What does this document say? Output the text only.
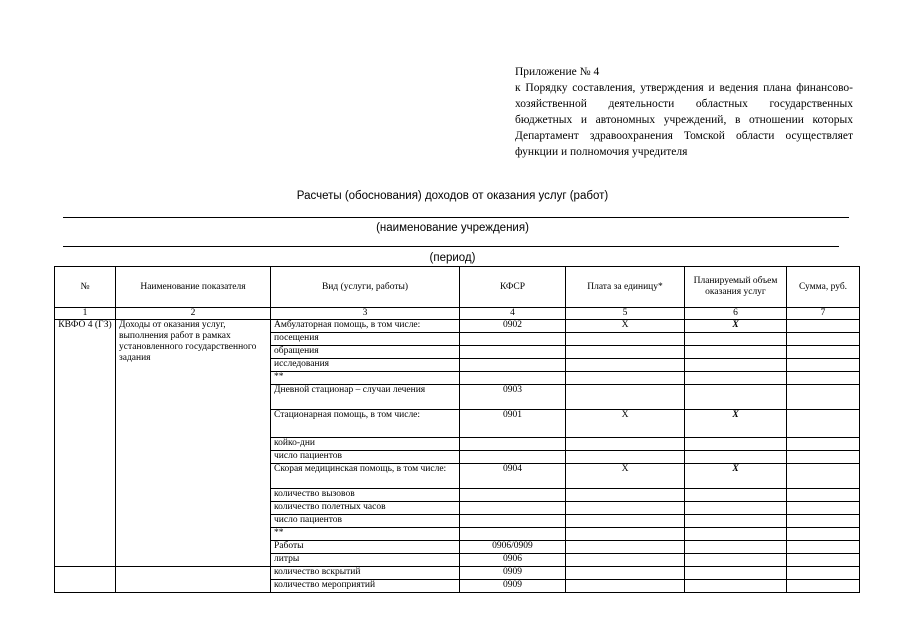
Приложение № 4

к Порядку составления, утверждения и ведения плана финансово-хозяйственной деятельности областных государственных бюджетных и автономных учреждений, в отношении которых Департамент здравоохранения Томской области осуществляет функции и полномочия учредителя

Расчеты (обоснования) доходов от оказания услуг (работ)
(наименование учреждения)
(период)
№	Наименование показателя	Вид (услуги, работы)	КФСР	Плата за единицу*	Планируемый объем оказания услуг	Сумма, руб.
1	2	3	4	5	6	7
КВФО 4 (ГЗ)	Доходы от оказания услуг, выполнения работ в рамках установленного государственного задания	Амбулаторная помощь, в том числе:	0902	X	X	
		посещения				
		обращения				
		исследования				
		**				
		Дневной стационар – случаи лечения	0903			
		Стационарная помощь, в том числе:	0901	X	X	
		койко-дни				
		число пациентов				
		Скорая медицинская помощь, в том числе:	0904	X	X	
		количество вызовов				
		количество полетных часов				
		число пациентов				
		**				
		Работы	0906/0909			
		литры	0906			
		количество вскрытий	0909			
		количество мероприятий	0909			
